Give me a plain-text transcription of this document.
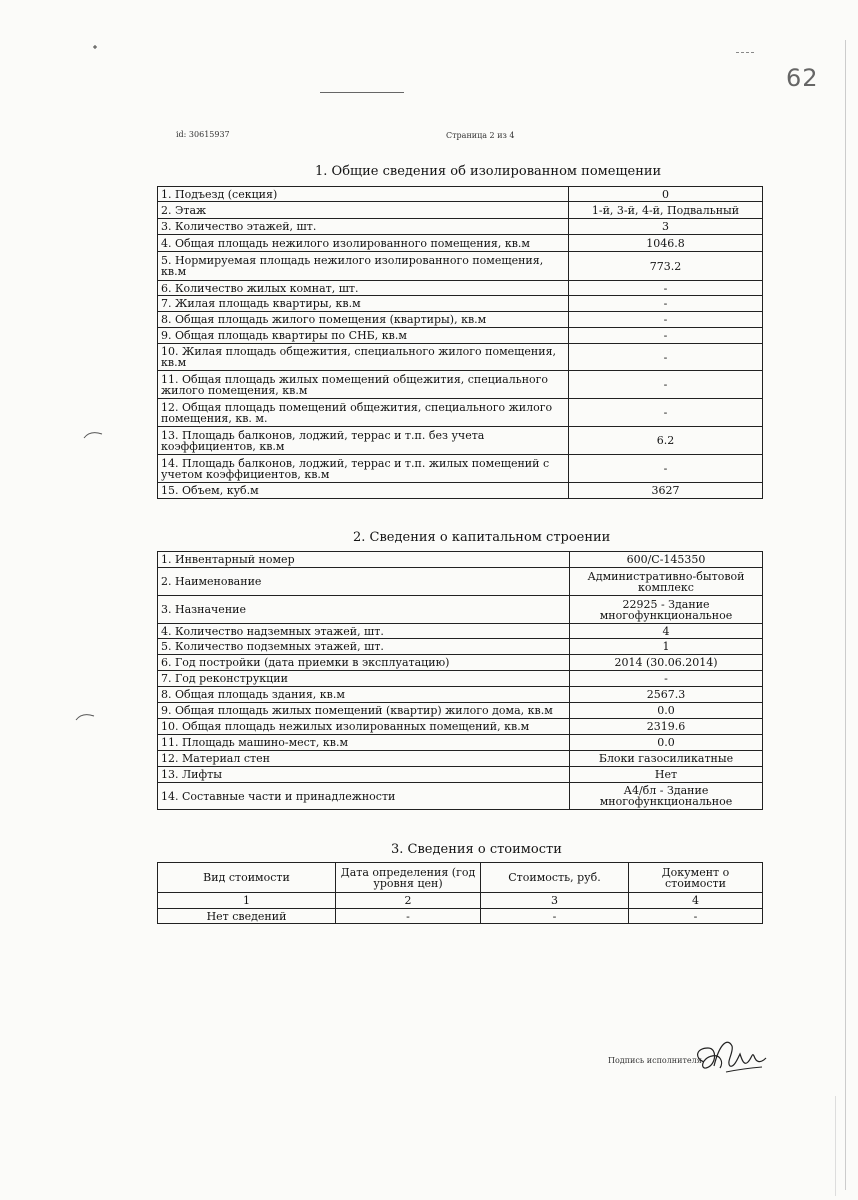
62
id: 30615937	Страница 2 из 4
1. Общие сведения об изолированном помещении
1. Подъезд (секция)	0
2. Этаж	1-й, 3-й, 4-й, Подвальный
3. Количество этажей, шт.	3
4. Общая площадь нежилого изолированного помещения, кв.м	1046.8
5. Нормируемая площадь нежилого изолированного помещения, кв.м	773.2
6. Количество жилых комнат, шт.	-
7. Жилая площадь квартиры, кв.м	-
8. Общая площадь жилого помещения (квартиры), кв.м	-
9. Общая площадь квартиры по СНБ, кв.м	-
10. Жилая площадь общежития, специального жилого помещения, кв.м	-
11. Общая площадь жилых помещений общежития, специального жилого помещения, кв.м	-
12. Общая площадь помещений общежития, специального жилого помещения, кв. м.	-
13. Площадь балконов, лоджий, террас и т.п. без учета коэффициентов, кв.м	6.2
14. Площадь балконов, лоджий, террас и т.п. жилых помещений с учетом коэффициентов, кв.м	-
15. Объем, куб.м	3627
2. Сведения о капитальном строении
1. Инвентарный номер	600/С-145350
2. Наименование	Административно-бытовой комплекс
3. Назначение	22925 - Здание многофункциональное
4. Количество надземных этажей, шт.	4
5. Количество подземных этажей, шт.	1
6. Год постройки (дата приемки в эксплуатацию)	2014 (30.06.2014)
7. Год реконструкции	-
8. Общая площадь здания, кв.м	2567.3
9. Общая площадь жилых помещений (квартир) жилого дома, кв.м	0.0
10. Общая площадь нежилых изолированных помещений, кв.м	2319.6
11. Площадь машино-мест, кв.м	0.0
12. Материал стен	Блоки газосиликатные
13. Лифты	Нет
14. Составные части и принадлежности	А4/бл - Здание многофункциональное
3. Сведения о стоимости
Вид стоимости	Дата определения (год уровня цен)	Стоимость, руб.	Документ о стоимости
1	2	3	4
Нет сведений	-	-	-
Подпись исполнителя
